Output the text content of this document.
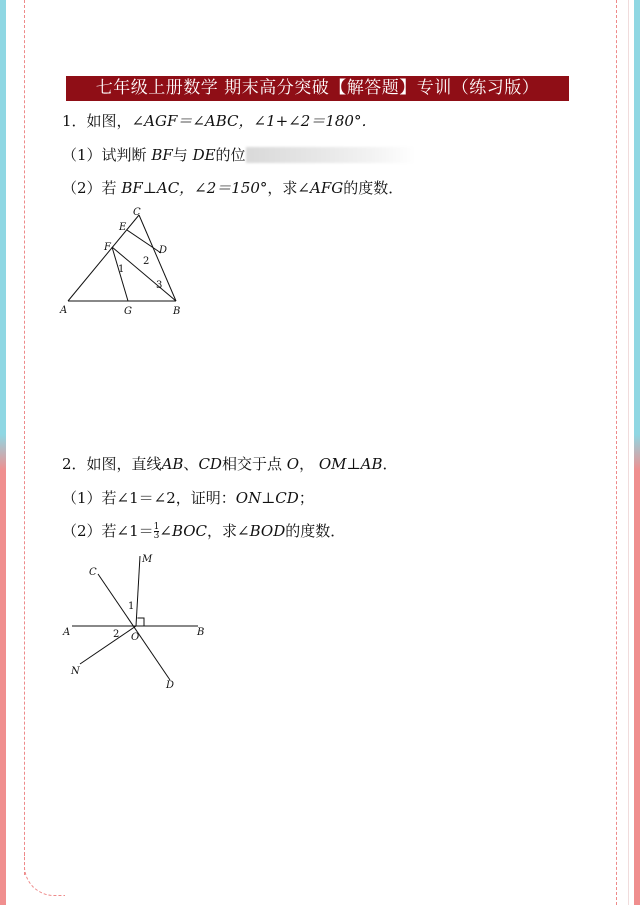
七年级上册数学 期末高分突破【解答题】专训（练习版）
1．如图，∠AGF＝∠ABC，∠1+∠2＝180°．
（1）试判断 BF与 DE的位
（2）若 BF⊥AC，∠2＝150°，求∠AFG的度数．
C
E
D
F
1
2
3
A	G	B
2．如图，直线AB、CD相交于点 O， OM⊥AB．
（1）若∠1＝∠2，证明：ON⊥CD；
（2）若∠1＝ $\frac{1}{3}$ ∠BOC，求∠BOD的度数．
M
C
1
2
A	O	B
N
D
